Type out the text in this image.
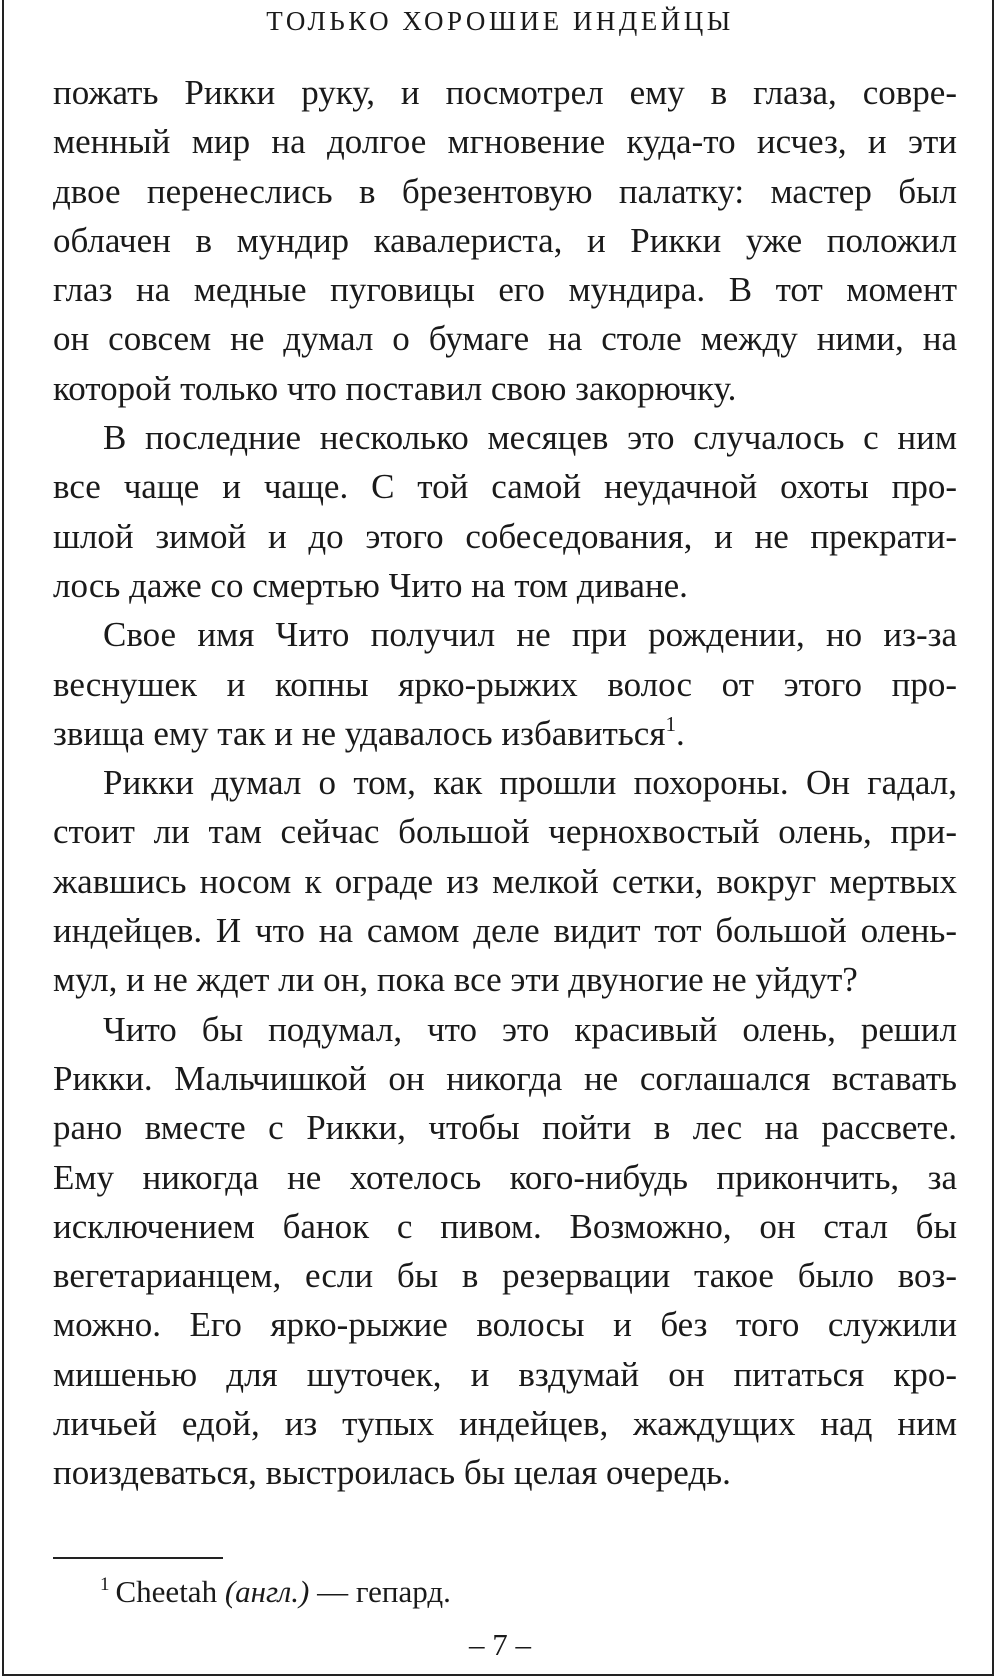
ТОЛЬКО ХОРОШИЕ ИНДЕЙЦЫ
пожать Рикки руку, и посмотрел ему в глаза, совре-
менный мир на долгое мгновение куда-то исчез, и эти
двое перенеслись в брезентовую палатку: мастер был
облачен в мундир кавалериста, и Рикки уже положил
глаз на медные пуговицы его мундира. В тот момент
он совсем не думал о бумаге на столе между ними, на
которой только что поставил свою закорючку.
В последние несколько месяцев это случалось с ним
все чаще и чаще. С той самой неудачной охоты про-
шлой зимой и до этого собеседования, и не прекрати-
лось даже со смертью Чито на том диване.
Свое имя Чито получил не при рождении, но из-за
веснушек и копны ярко-рыжих волос от этого про-
звища ему так и не удавалось избавиться$^1$.
Рикки думал о том, как прошли похороны. Он гадал,
стоит ли там сейчас большой чернохвостый олень, при-
жавшись носом к ограде из мелкой сетки, вокруг мертвых
индейцев. И что на самом деле видит тот большой олень-
мул, и не ждет ли он, пока все эти двуногие не уйдут?
Чито бы подумал, что это красивый олень, решил
Рикки. Мальчишкой он никогда не соглашался вставать
рано вместе с Рикки, чтобы пойти в лес на рассвете.
Ему никогда не хотелось кого-нибудь прикончить, за
исключением банок с пивом. Возможно, он стал бы
вегетарианцем, если бы в резервации такое было воз-
можно. Его ярко-рыжие волосы и без того служили
мишенью для шуточек, и вздумай он питаться кро-
личьей едой, из тупых индейцев, жаждущих над ним
поиздеваться, выстроилась бы целая очередь.
$^1$ Cheetah (англ.) — гепард.
– 7 –
